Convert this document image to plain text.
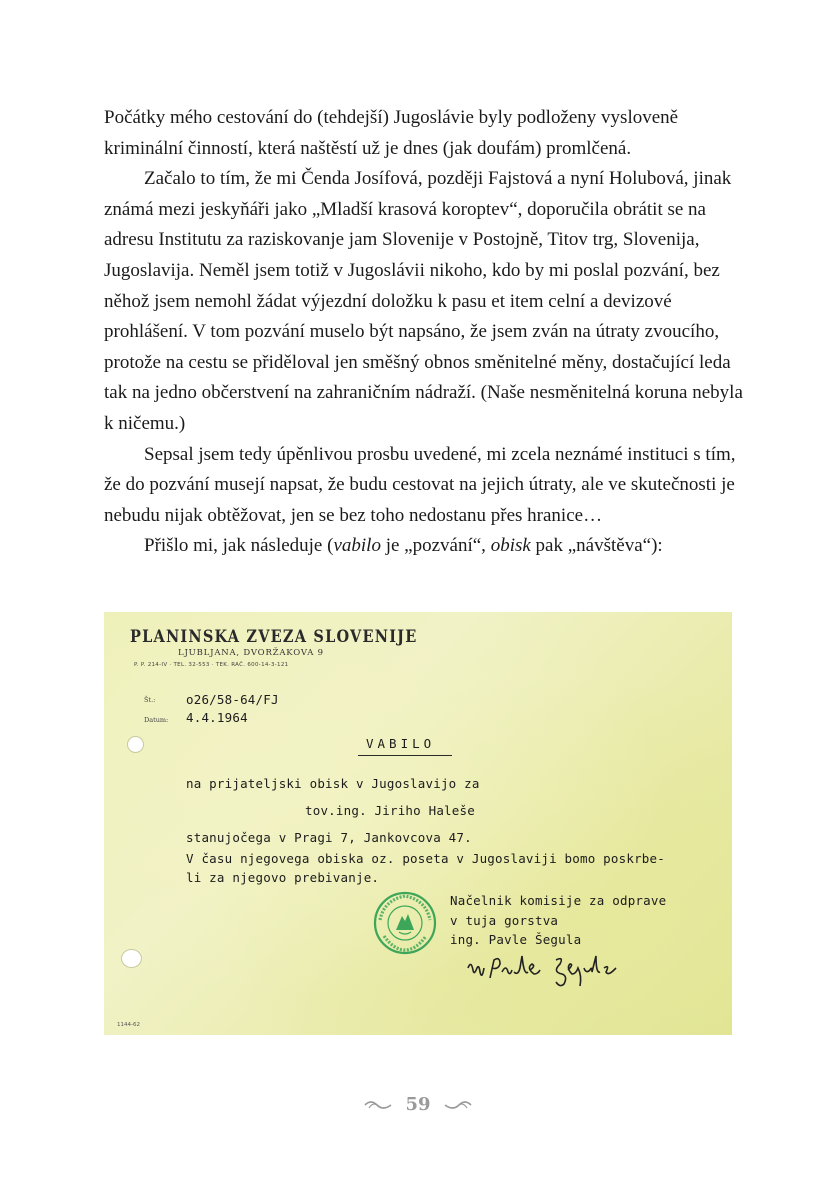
Počátky mého cestování do (tehdejší) Jugoslávie byly podloženy vysloveně kriminální činností, která naštěstí už je dnes (jak doufám) promlčená.

Začalo to tím, že mi Čenda Josífová, později Fajstová a nyní Holubová, jinak známá mezi jeskyňáři jako „Mladší krasová koroptev“, doporučila obrátit se na adresu Institutu za raziskovanje jam Slovenije v Postojně, Titov trg, Slovenija, Jugoslavija. Neměl jsem totiž v Jugoslávii nikoho, kdo by mi poslal pozvání, bez něhož jsem nemohl žádat výjezdní doložku k pasu et item celní a devizové prohlášení. V tom pozvání muselo být napsáno, že jsem zván na útraty zvoucího, protože na cestu se přiděloval jen směšný obnos směnitelné měny, dostačující leda tak na jedno občerstvení na zahraničním nádraží. (Naše nesměnitelná koruna nebyla k ničemu.)

Sepsal jsem tedy úpěnlivou prosbu uvedené, mi zcela neznámé instituci s tím, že do pozvání musejí napsat, že budu cestovat na jejich útraty, ale ve skutečnosti je nebudu nijak obtěžovat, jen se bez toho nedostanu přes hranice…

Přišlo mi, jak následuje (vabilo je „pozvání“, obisk pak „návštěva“):

PLANINSKA ZVEZA SLOVENIJE
LJUBLJANA, DVORŽAKOVA 9
P. P. 214-IV · TEL. 32-553 · TEK. RAČ. 600-14-3-121
Št.:
Datum:
o26/58-64/FJ
4.4.1964
VABILO
na prijateljski obisk v Jugoslavijo za
tov.ing. Jiriho Haleše
stanujočega v Pragi 7, Jankovcova 47.
V času njegovega obiska oz. poseta v Jugoslaviji bomo poskrbe-
li za njegovo prebivanje.
Načelnik komisije za odprave
v tuja gorstva
ing. Pavle Šegula
1144-62
59
